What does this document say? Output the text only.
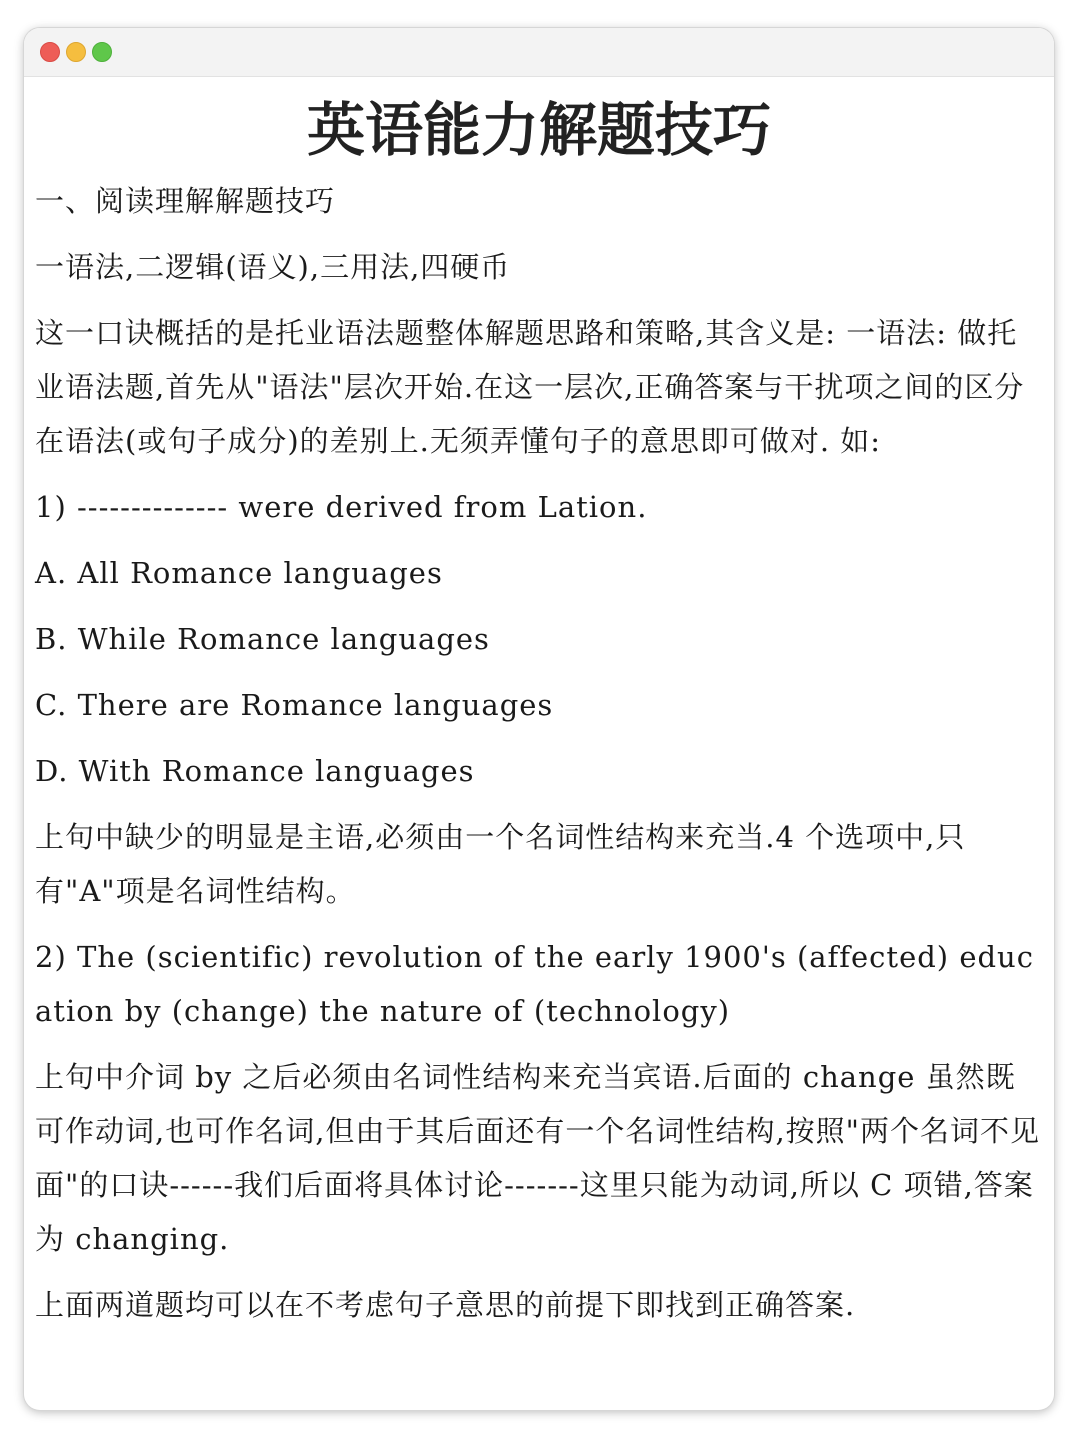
英语能力解题技巧

一、阅读理解解题技巧

一语法,二逻辑(语义),三用法,四硬币

这一口诀概括的是托业语法题整体解题思路和策略,其含义是: 一语法: 做托业语法题,首先从"语法"层次开始.在这一层次,正确答案与干扰项之间的区分在语法(或句子成分)的差别上.无须弄懂句子的意思即可做对. 如:

1) -------------- were derived from Lation.

A. All Romance languages

B. While Romance languages

C. There are Romance languages

D. With Romance languages

上句中缺少的明显是主语,必须由一个名词性结构来充当.4 个选项中,只有"A"项是名词性结构。

2) The (scientific) revolution of the early 1900's (affected) education by (change) the nature of (technology)

上句中介词 by 之后必须由名词性结构来充当宾语.后面的 change 虽然既可作动词,也可作名词,但由于其后面还有一个名词性结构,按照"两个名词不见面"的口诀------我们后面将具体讨论-------这里只能为动词,所以 C 项错,答案为 changing.

上面两道题均可以在不考虑句子意思的前提下即找到正确答案.
